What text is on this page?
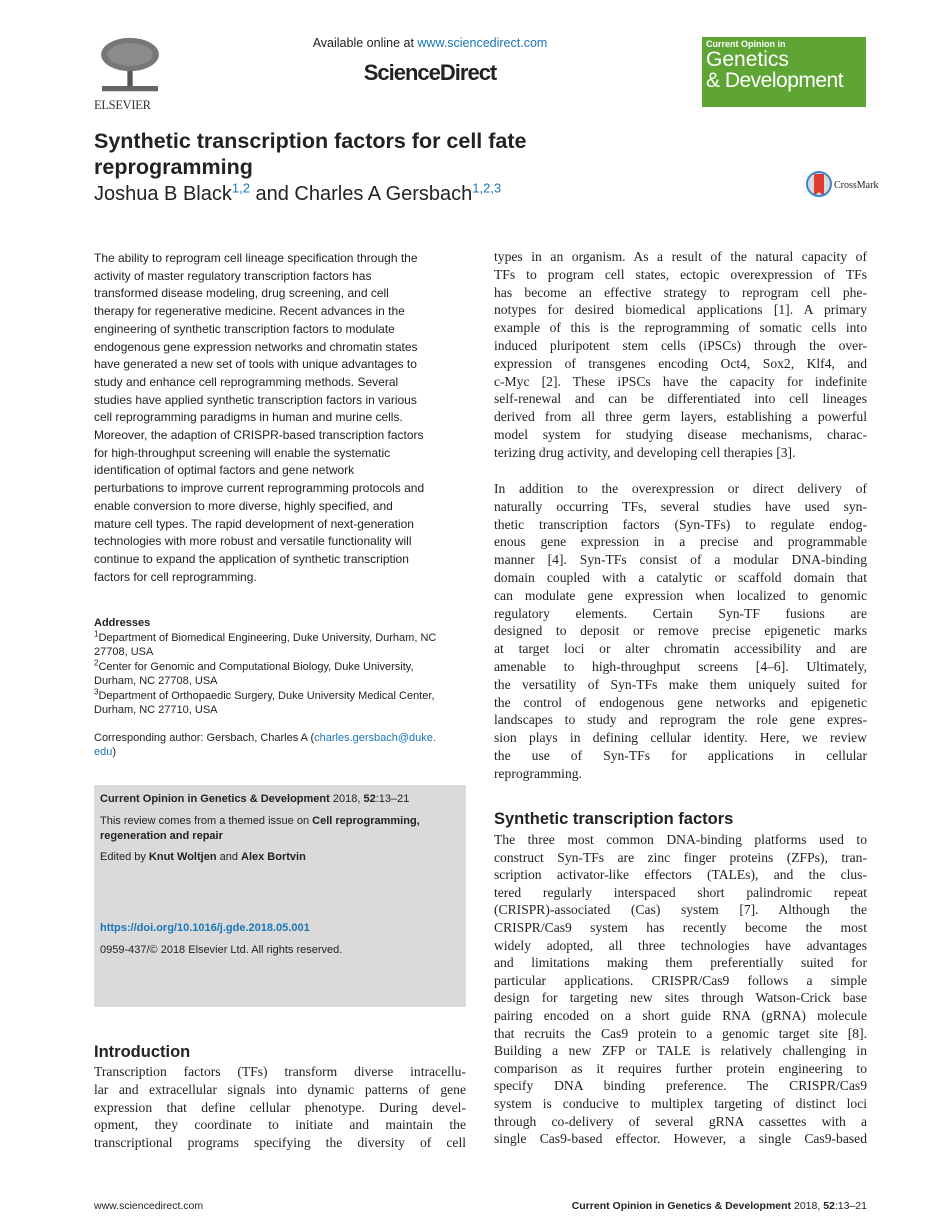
ELSEVIER
Available online at www.sciencedirect.com
ScienceDirect
Current Opinion in
Genetics
& Development
Synthetic transcription factors for cell fate
reprogramming
Joshua B Black$^{1,2}$ and Charles A Gersbach$^{1,2,3}$	CrossMark
The ability to reprogram cell lineage specification through the
activity of master regulatory transcription factors has
transformed disease modeling, drug screening, and cell
therapy for regenerative medicine. Recent advances in the
engineering of synthetic transcription factors to modulate
endogenous gene expression networks and chromatin states
have generated a new set of tools with unique advantages to
study and enhance cell reprogramming methods. Several
studies have applied synthetic transcription factors in various
cell reprogramming paradigms in human and murine cells.
Moreover, the adaption of CRISPR-based transcription factors
for high-throughput screening will enable the systematic
identification of optimal factors and gene network
perturbations to improve current reprogramming protocols and
enable conversion to more diverse, highly specified, and
mature cell types. The rapid development of next-generation
technologies with more robust and versatile functionality will
continue to expand the application of synthetic transcription
factors for cell reprogramming.
Addresses
$^1$Department of Biomedical Engineering, Duke University, Durham, NC
27708, USA
$^2$Center for Genomic and Computational Biology, Duke University,
Durham, NC 27708, USA
$^3$Department of Orthopaedic Surgery, Duke University Medical Center,
Durham, NC 27710, USA
Corresponding author: Gersbach, Charles A (charles.gersbach@duke.
edu)
Current Opinion in Genetics & Development 2018, 52:13–21
This review comes from a themed issue on Cell reprogramming,
regeneration and repair
Edited by Knut Woltjen and Alex Bortvin
https://doi.org/10.1016/j.gde.2018.05.001
0959-437/© 2018 Elsevier Ltd. All rights reserved.
Introduction
Transcription factors (TFs) transform diverse intracellu-
lar and extracellular signals into dynamic patterns of gene
expression that define cellular phenotype. During devel-
opment, they coordinate to initiate and maintain the
transcriptional programs specifying the diversity of cell
types in an organism. As a result of the natural capacity of
TFs to program cell states, ectopic overexpression of TFs
has become an effective strategy to reprogram cell phe-
notypes for desired biomedical applications [1]. A primary
example of this is the reprogramming of somatic cells into
induced pluripotent stem cells (iPSCs) through the over-
expression of transgenes encoding Oct4, Sox2, Klf4, and
c-Myc [2]. These iPSCs have the capacity for indefinite
self-renewal and can be differentiated into cell lineages
derived from all three germ layers, establishing a powerful
model system for studying disease mechanisms, charac-
terizing drug activity, and developing cell therapies [3].
In addition to the overexpression or direct delivery of
naturally occurring TFs, several studies have used syn-
thetic transcription factors (Syn-TFs) to regulate endog-
enous gene expression in a precise and programmable
manner [4]. Syn-TFs consist of a modular DNA-binding
domain coupled with a catalytic or scaffold domain that
can modulate gene expression when localized to genomic
regulatory elements. Certain Syn-TF fusions are
designed to deposit or remove precise epigenetic marks
at target loci or alter chromatin accessibility and are
amenable to high-throughput screens [4–6]. Ultimately,
the versatility of Syn-TFs make them uniquely suited for
the control of endogenous gene networks and epigenetic
landscapes to study and reprogram the role gene expres-
sion plays in defining cellular identity. Here, we review
the use of Syn-TFs for applications in cellular
reprogramming.
Synthetic transcription factors
The three most common DNA-binding platforms used to
construct Syn-TFs are zinc finger proteins (ZFPs), tran-
scription activator-like effectors (TALEs), and the clus-
tered regularly interspaced short palindromic repeat
(CRISPR)-associated (Cas) system [7]. Although the
CRISPR/Cas9 system has recently become the most
widely adopted, all three technologies have advantages
and limitations making them preferentially suited for
particular applications. CRISPR/Cas9 follows a simple
design for targeting new sites through Watson-Crick base
pairing encoded on a short guide RNA (gRNA) molecule
that recruits the Cas9 protein to a genomic target site [8].
Building a new ZFP or TALE is relatively challenging in
comparison as it requires further protein engineering to
specify DNA binding preference. The CRISPR/Cas9
system is conducive to multiplex targeting of distinct loci
through co-delivery of several gRNA cassettes with a
single Cas9-based effector. However, a single Cas9-based
www.sciencedirect.com	Current Opinion in Genetics & Development 2018, 52:13–21
